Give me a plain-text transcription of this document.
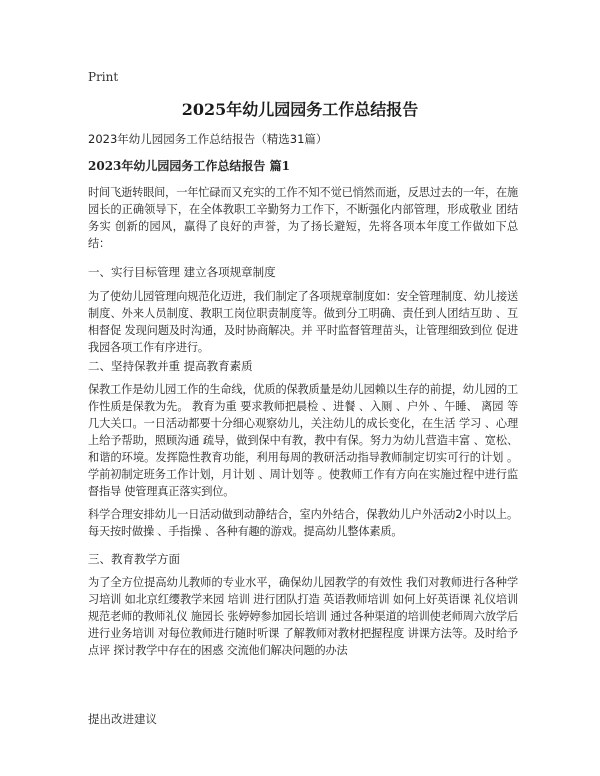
Print
2025年幼儿园园务工作总结报告

2023年幼儿园园务工作总结报告（精选31篇）

2023年幼儿园园务工作总结报告 篇1

时间飞逝转眼间，一年忙碌而又充实的工作不知不觉已悄然而逝，反思过去的一年，在施园长的正确领导下，在全体教职工辛勤努力工作下，不断强化内部管理，形成敬业 团结 务实 创新的园风，赢得了良好的声誉，为了扬长避短，先将各项本年度工作做如下总结：

一、实行目标管理 建立各项规章制度

为了使幼儿园管理向规范化迈进，我们制定了各项规章制度如：安全管理制度、幼儿接送制度、外来人员制度、教职工岗位职责制度等。做到分工明确、责任到人团结互助 、互相督促 发现问题及时沟通，及时协商解决。并 平时监督管理苗头，让管理细致到位 促进我园各项工作有序进行。

二、坚持保教并重 提高教育素质

保教工作是幼儿园工作的生命线，优质的保教质量是幼儿园赖以生存的前提，幼儿园的工作性质是保教为先。 教育为重 要求教师把晨检 、进餐 、入厕 、户外 、午睡、 离园 等几大关口。一日活动都要十分细心观察幼儿，关注幼儿的成长变化，在生活 学习 、心理上给予帮助，照顾沟通 疏导，做到保中有教，教中有保。努力为幼儿营造丰富 、宽松、和谐的环境。发挥隐性教育功能，利用每周的教研活动指导教师制定切实可行的计划 。学前初制定班务工作计划，月计划 、周计划等 。使教师工作有方向在实施过程中进行监督指导 使管理真正落实到位。

科学合理安排幼儿一日活动做到动静结合，室内外结合，保教幼儿户外活动2小时以上。 每天按时做操 、手指操 、各种有趣的游戏。提高幼儿整体素质。

三、教育教学方面

为了全方位提高幼儿教师的专业水平，确保幼儿园教学的有效性 我们对教师进行各种学习培训 如北京红缨教学来园 培训 进行团队打造 英语教师培训 如何上好英语课 礼仪培训 规范老师的教师礼仪 施园长 张婷婷参加园长培训 通过各种渠道的培训使老师周六放学后进行业务培训 对每位教师进行随时听课 了解教师对教材把握程度 讲课方法等。及时给予点评 探讨教学中存在的困惑 交流他们解决问题的办法

提出改进建议
